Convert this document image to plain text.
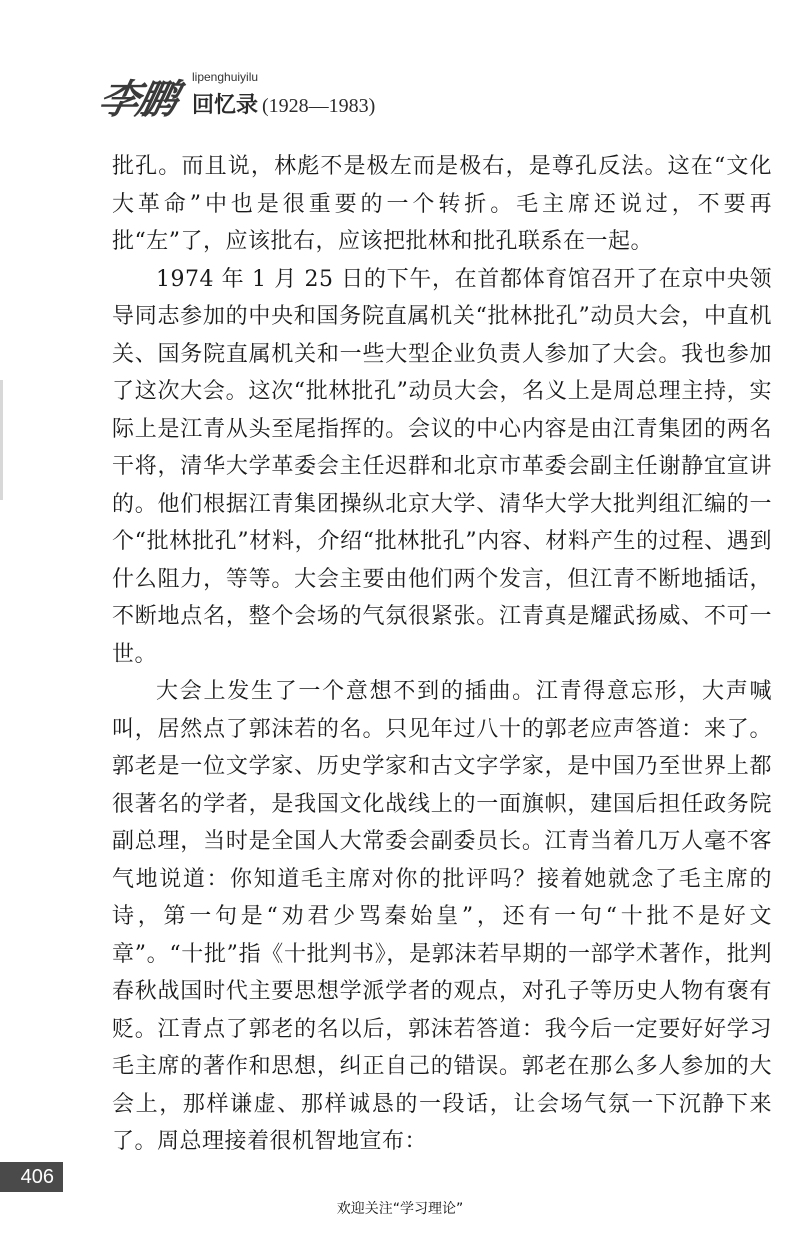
李鹏 lipenghuiyilu
回忆录 (1928—1983)

批孔。而且说，林彪不是极左而是极右，是尊孔反法。这在“文化大革命”中也是很重要的一个转折。毛主席还说过，不要再批“左”了，应该批右，应该把批林和批孔联系在一起。

1974 年 1 月 25 日的下午，在首都体育馆召开了在京中央领导同志参加的中央和国务院直属机关“批林批孔”动员大会，中直机关、国务院直属机关和一些大型企业负责人参加了大会。我也参加了这次大会。这次“批林批孔”动员大会，名义上是周总理主持，实际上是江青从头至尾指挥的。会议的中心内容是由江青集团的两名干将，清华大学革委会主任迟群和北京市革委会副主任谢静宜宣讲的。他们根据江青集团操纵北京大学、清华大学大批判组汇编的一个“批林批孔”材料，介绍“批林批孔”内容、材料产生的过程、遇到什么阻力，等等。大会主要由他们两个发言，但江青不断地插话，不断地点名，整个会场的气氛很紧张。江青真是耀武扬威、不可一世。

大会上发生了一个意想不到的插曲。江青得意忘形，大声喊叫，居然点了郭沫若的名。只见年过八十的郭老应声答道：来了。郭老是一位文学家、历史学家和古文字学家，是中国乃至世界上都很著名的学者，是我国文化战线上的一面旗帜，建国后担任政务院副总理，当时是全国人大常委会副委员长。江青当着几万人毫不客气地说道：你知道毛主席对你的批评吗？接着她就念了毛主席的诗，第一句是“劝君少骂秦始皇”，还有一句“十批不是好文章”。“十批”指《十批判书》，是郭沫若早期的一部学术著作，批判春秋战国时代主要思想学派学者的观点，对孔子等历史人物有褒有贬。江青点了郭老的名以后，郭沫若答道：我今后一定要好好学习毛主席的著作和思想，纠正自己的错误。郭老在那么多人参加的大会上，那样谦虚、那样诚恳的一段话，让会场气氛一下沉静下来了。周总理接着很机智地宣布：

406
欢迎关注“学习理论”
